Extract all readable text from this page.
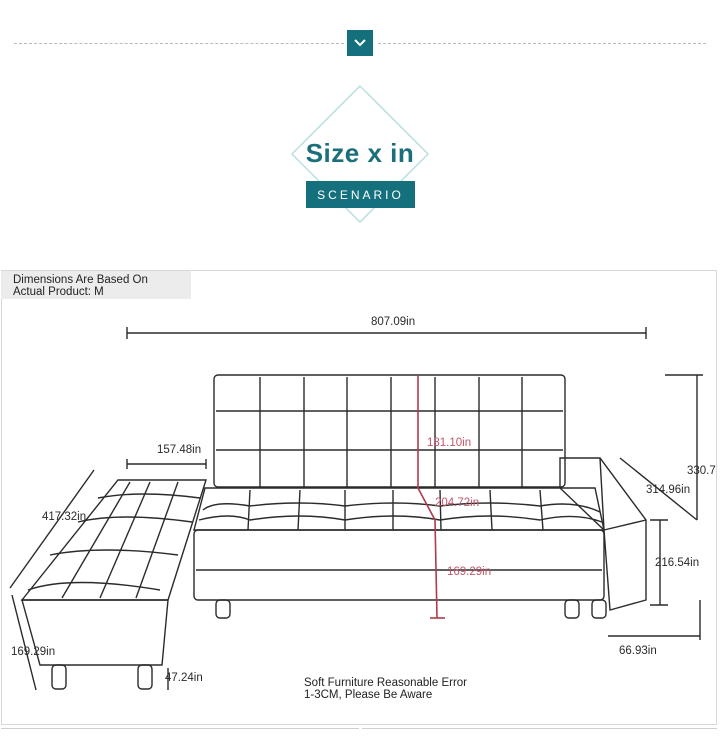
Size x in
SCENARIO
Dimensions Are Based On
Actual Product: M
807.09in
157.48in
417.32in
169.29in
47.24in
181.10in
204.72in
169.29in
330.7
314.96in
216.54in
66.93in
Soft Furniture Reasonable Error
1-3CM, Please Be Aware
